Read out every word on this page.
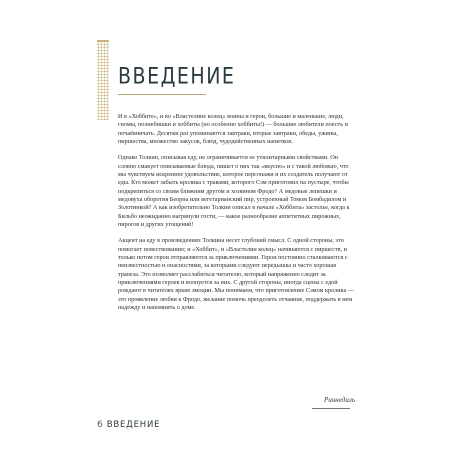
ВВЕДЕНИЕ

И в «Хоббите», и во «Властелине колец» воины и герои, большие и маленькие, люди, гномы, полнебишки и хоббиты (но особенно хоббиты!) — большие любители поесть и почаёвничать. Десятки раз упоминаются завтраки, вторые завтраки, обеды, ужины, пиршества, множество закусок, блюд, чудодейственных напитков.

Однако Толкин, описывая еду, не ограничивается ее утилитарными свойствами. Он словно смакует описываемые блюда, пишет о них так «вкусно» и с такой любовью, что мы чувствуем искреннее удовольствие, которое персонажи и их создатель получают от еды. Кто может забыть кролика с травами, которого Сэм приготовил на пустыре, чтобы подкрепиться со своим ближним другом и хозяином Фродо? А медовые лепешки и медовуха оборотня Беорна или вегетарианский пир, устроенный Томом Бомбадилом и Золотинкой? А как изобретательно Толкин описал в начале «Хоббита» застолье, когда к Бильбо неожиданно нагрянули гости, — какое разнообразие аппетитных пирожных, пирогов и других угощений!

Акцент на еду в произведениях Толкина несет глубокий смысл. С одной стороны, это помогает повествованию; и «Хоббит», и «Властелин колец» начинаются с пиршеств, и только потом герои отправляются за приключениями. Герои постоянно сталкиваются с неизвестностью и опасностями, за которыми следуют передышка и часто хорошая трапеза. Это позволяет расслабиться читателю, который напряженно следит за приключениями героев и волнуется за них. С другой стороны, иногда сцены с едой рождают в читателях яркие эмоции. Мы понимаем, что приготовление Сэмом кролика — это проявление любви к Фродо, желание помочь преодолеть отчаяние, поддержать в нем надежду и напомнить о доме.

Риннедиль
6 ВВЕДЕНИЕ
